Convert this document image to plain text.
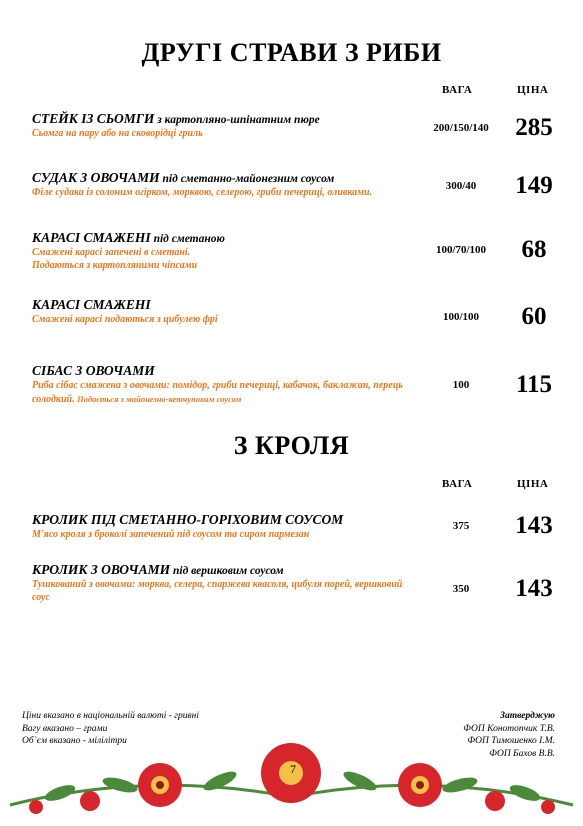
ДРУГІ СТРАВИ З РИБИ
ВАГА	ЦІНА
СТЕЙК ІЗ СЬОМГИ з картопляно-шпінатним пюре
Сьомга на пару або на сковорідці гриль	200/150/140	285
СУДАК З ОВОЧАМИ під сметанно-майонезним соусом
Філе судака із солоним огірком, морквою, селерою, гриби печериці, оливками.
300/40	149
КАРАСІ СМАЖЕНІ під сметаною
Смажені карасі запечені в сметані.
Подаються з картопляними чіпсами
100/70/100	68
КАРАСІ СМАЖЕНІ
Смажені карасі подаються з цибулею фрі	100/100	60
СІБАС З ОВОЧАМИ
Риба сібас смажена з овочами: помідор, гриби печериці, кабачок, баклажан, перець солодкий. Подається з майонезно-кетчуповим соусом
100	115
З КРОЛЯ
ВАГА	ЦІНА
КРОЛИК ПІД СМЕТАННО-ГОРІХОВИМ СОУСОМ
М'ясо кроля з броколі запечений під соусом та сиром пармезан
375	143
КРОЛИК З ОВОЧАМИ під вершковим соусом
Тушкований з овочами: морква, селера, спаржева квасоля, цибуля порей, вершковий соус
350	143
Ціни вказано в національній валюті - гривні
Вагу вказано – грами
Об`єм вказано - мілілітри
Затверджую
ФОП Конотопчик Т.В.
ФОП Тимошенко І.М.
ФОП Бахов В.В.
7
